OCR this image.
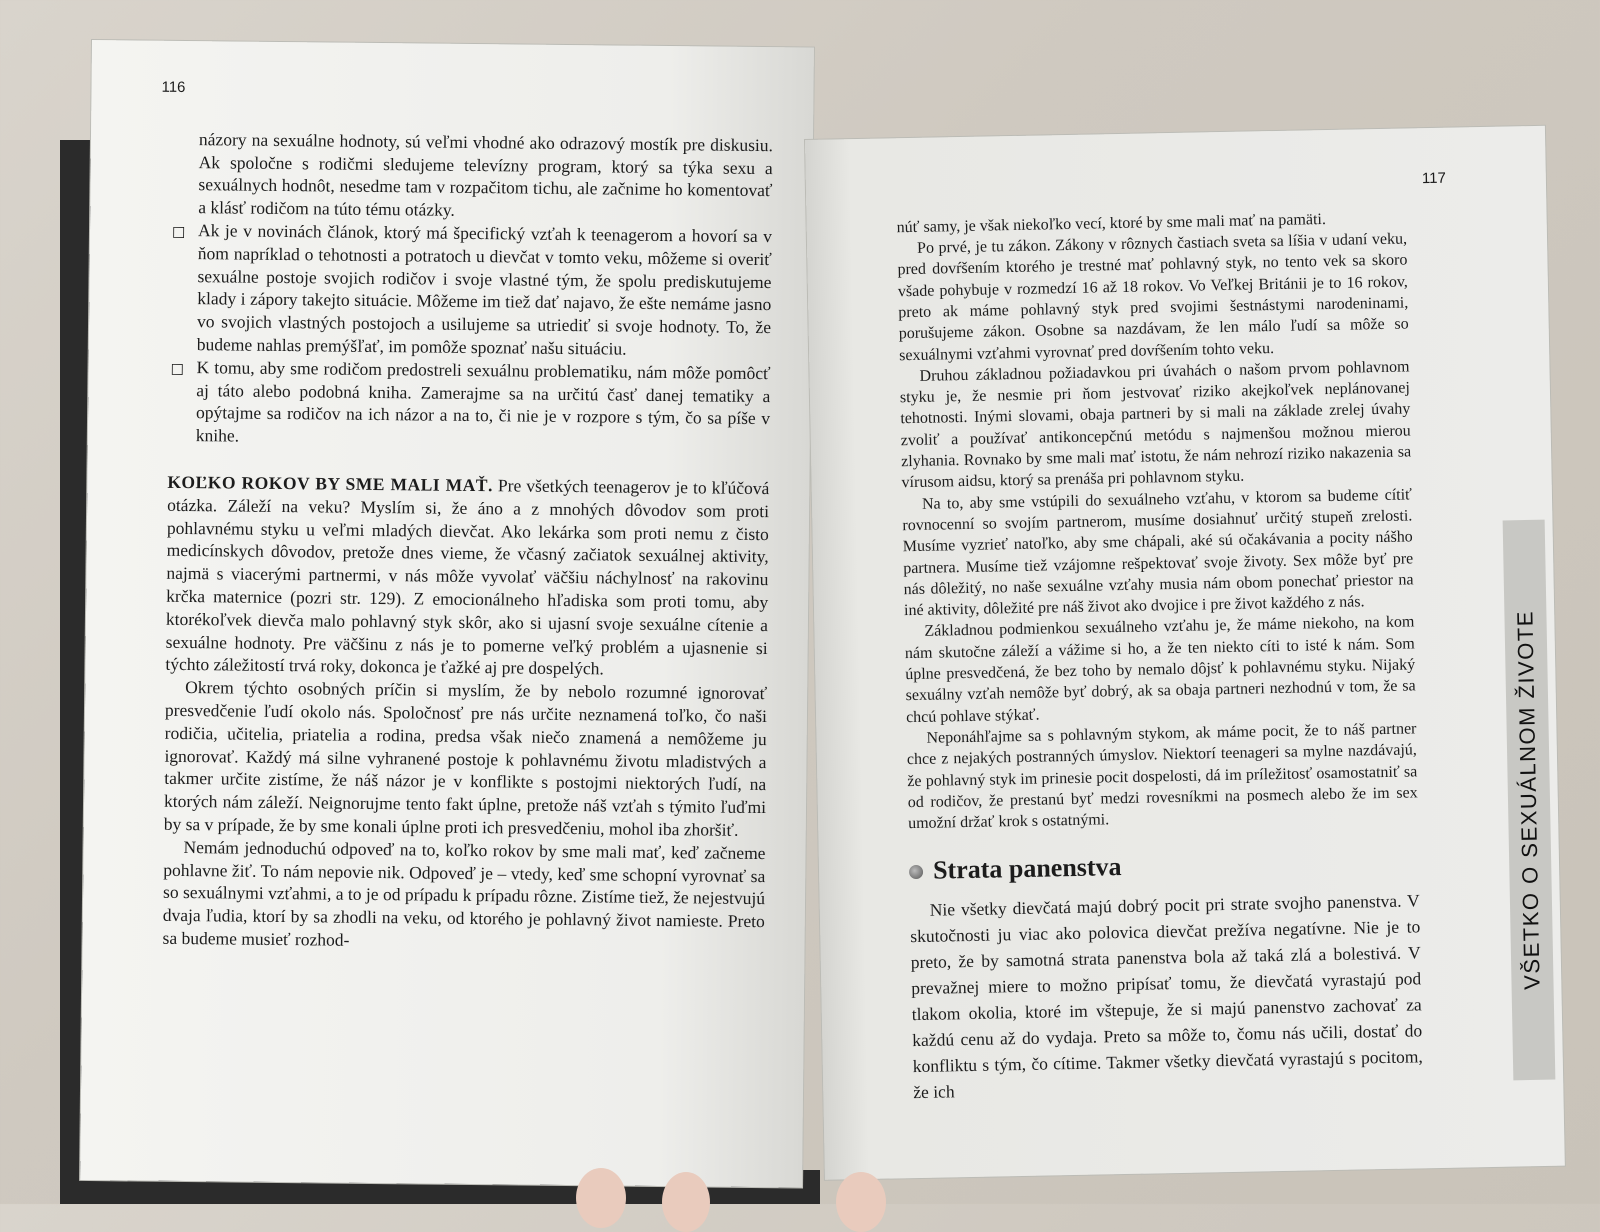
116

názory na sexuálne hodnoty, sú veľmi vhodné ako odrazový mostík pre diskusiu. Ak spoločne s rodičmi sledujeme televízny program, ktorý sa týka sexu a sexuálnych hodnôt, nesedme tam v rozpačitom tichu, ale začnime ho komentovať a klásť rodičom na túto tému otázky.

☐ Ak je v novinách článok, ktorý má špecifický vzťah k teenagerom a hovorí sa v ňom napríklad o tehotnosti a potratoch u dievčat v tomto veku, môžeme si overiť sexuálne postoje svojich rodičov i svoje vlastné tým, že spolu prediskutujeme klady i zápory takejto situácie. Môžeme im tiež dať najavo, že ešte nemáme jasno vo svojich vlastných postojoch a usilujeme sa utriediť si svoje hodnoty. To, že budeme nahlas premýšľať, im pomôže spoznať našu situáciu.

☐ K tomu, aby sme rodičom predostreli sexuálnu problematiku, nám môže pomôcť aj táto alebo podobná kniha. Zamerajme sa na určitú časť danej tematiky a opýtajme sa rodičov na ich názor a na to, či nie je v rozpore s tým, čo sa píše v knihe.

KOĽKO ROKOV BY SME MALI MAŤ. Pre všetkých teenagerov je to kľúčová otázka. Záleží na veku? Myslím si, že áno a z mnohých dôvodov som proti pohlavnému styku u veľmi mladých dievčat. Ako lekárka som proti nemu z čisto medicínskych dôvodov, pretože dnes vieme, že včasný začiatok sexuálnej aktivity, najmä s viacerými partnermi, v nás môže vyvolať väčšiu náchylnosť na rakovinu krčka maternice (pozri str. 129). Z emocionálneho hľadiska som proti tomu, aby ktorékoľvek dievča malo pohlavný styk skôr, ako si ujasní svoje sexuálne cítenie a sexuálne hodnoty. Pre väčšinu z nás je to pomerne veľký problém a ujasnenie si týchto záležitostí trvá roky, dokonca je ťažké aj pre dospelých.

Okrem týchto osobných príčin si myslím, že by nebolo rozumné ignorovať presvedčenie ľudí okolo nás. Spoločnosť pre nás určite neznamená toľko, čo naši rodičia, učitelia, priatelia a rodina, predsa však niečo znamená a nemôžeme ju ignorovať. Každý má silne vyhranené postoje k pohlavnému životu mladistvých a takmer určite zistíme, že náš názor je v konflikte s postojmi niektorých ľudí, na ktorých nám záleží. Neignorujme tento fakt úplne, pretože náš vzťah s týmito ľuďmi by sa v prípade, že by sme konali úplne proti ich presvedčeniu, mohol iba zhoršiť.

Nemám jednoduchú odpoveď na to, koľko rokov by sme mali mať, keď začneme pohlavne žiť. To nám nepovie nik. Odpoveď je – vtedy, keď sme schopní vyrovnať sa so sexuálnymi vzťahmi, a to je od prípadu k prípadu rôzne. Zistíme tiež, že nejestvujú dvaja ľudia, ktorí by sa zhodli na veku, od ktorého je pohlavný život namieste. Preto sa budeme musieť rozhod-

117

núť samy, je však niekoľko vecí, ktoré by sme mali mať na pamäti.

Po prvé, je tu zákon. Zákony v rôznych častiach sveta sa líšia v udaní veku, pred dovŕšením ktorého je trestné mať pohlavný styk, no tento vek sa skoro všade pohybuje v rozmedzí 16 až 18 rokov. Vo Veľkej Británii je to 16 rokov, preto ak máme pohlavný styk pred svojimi šestnástymi narodeninami, porušujeme zákon. Osobne sa nazdávam, že len málo ľudí sa môže so sexuálnymi vzťahmi vyrovnať pred dovŕšením tohto veku.

Druhou základnou požiadavkou pri úvahách o našom prvom pohlavnom styku je, že nesmie pri ňom jestvovať riziko akejkoľvek neplánovanej tehotnosti. Inými slovami, obaja partneri by si mali na základe zrelej úvahy zvoliť a používať antikoncepčnú metódu s najmenšou možnou mierou zlyhania. Rovnako by sme mali mať istotu, že nám nehrozí riziko nakazenia sa vírusom aidsu, ktorý sa prenáša pri pohlavnom styku.

Na to, aby sme vstúpili do sexuálneho vzťahu, v ktorom sa budeme cítiť rovnocenní so svojím partnerom, musíme dosiahnuť určitý stupeň zrelosti. Musíme vyzrieť natoľko, aby sme chápali, aké sú očakávania a pocity nášho partnera. Musíme tiež vzájomne rešpektovať svoje životy. Sex môže byť pre nás dôležitý, no naše sexuálne vzťahy musia nám obom ponechať priestor na iné aktivity, dôležité pre náš život ako dvojice i pre život každého z nás.

Základnou podmienkou sexuálneho vzťahu je, že máme niekoho, na kom nám skutočne záleží a vážime si ho, a že ten niekto cíti to isté k nám. Som úplne presvedčená, že bez toho by nemalo dôjsť k pohlavnému styku. Nijaký sexuálny vzťah nemôže byť dobrý, ak sa obaja partneri nezhodnú v tom, že sa chcú pohlave stýkať.

Neponáhľajme sa s pohlavným stykom, ak máme pocit, že to náš partner chce z nejakých postranných úmyslov. Niektorí teenageri sa mylne nazdávajú, že pohlavný styk im prinesie pocit dospelosti, dá im príležitosť osamostatniť sa od rodičov, že prestanú byť medzi rovesníkmi na posmech alebo že im sex umožní držať krok s ostatnými.

Strata panenstva

Nie všetky dievčatá majú dobrý pocit pri strate svojho panenstva. V skutočnosti ju viac ako polovica dievčat prežíva negatívne. Nie je to preto, že by samotná strata panenstva bola až taká zlá a bolestivá. V prevažnej miere to možno pripísať tomu, že dievčatá vyrastajú pod tlakom okolia, ktoré im vštepuje, že si majú panenstvo zachovať za každú cenu až do vydaja. Preto sa môže to, čomu nás učili, dostať do konfliktu s tým, čo cítime. Takmer všetky dievčatá vyrastajú s pocitom, že ich

VŠETKO O SEXUÁLNOM ŽIVOTE
